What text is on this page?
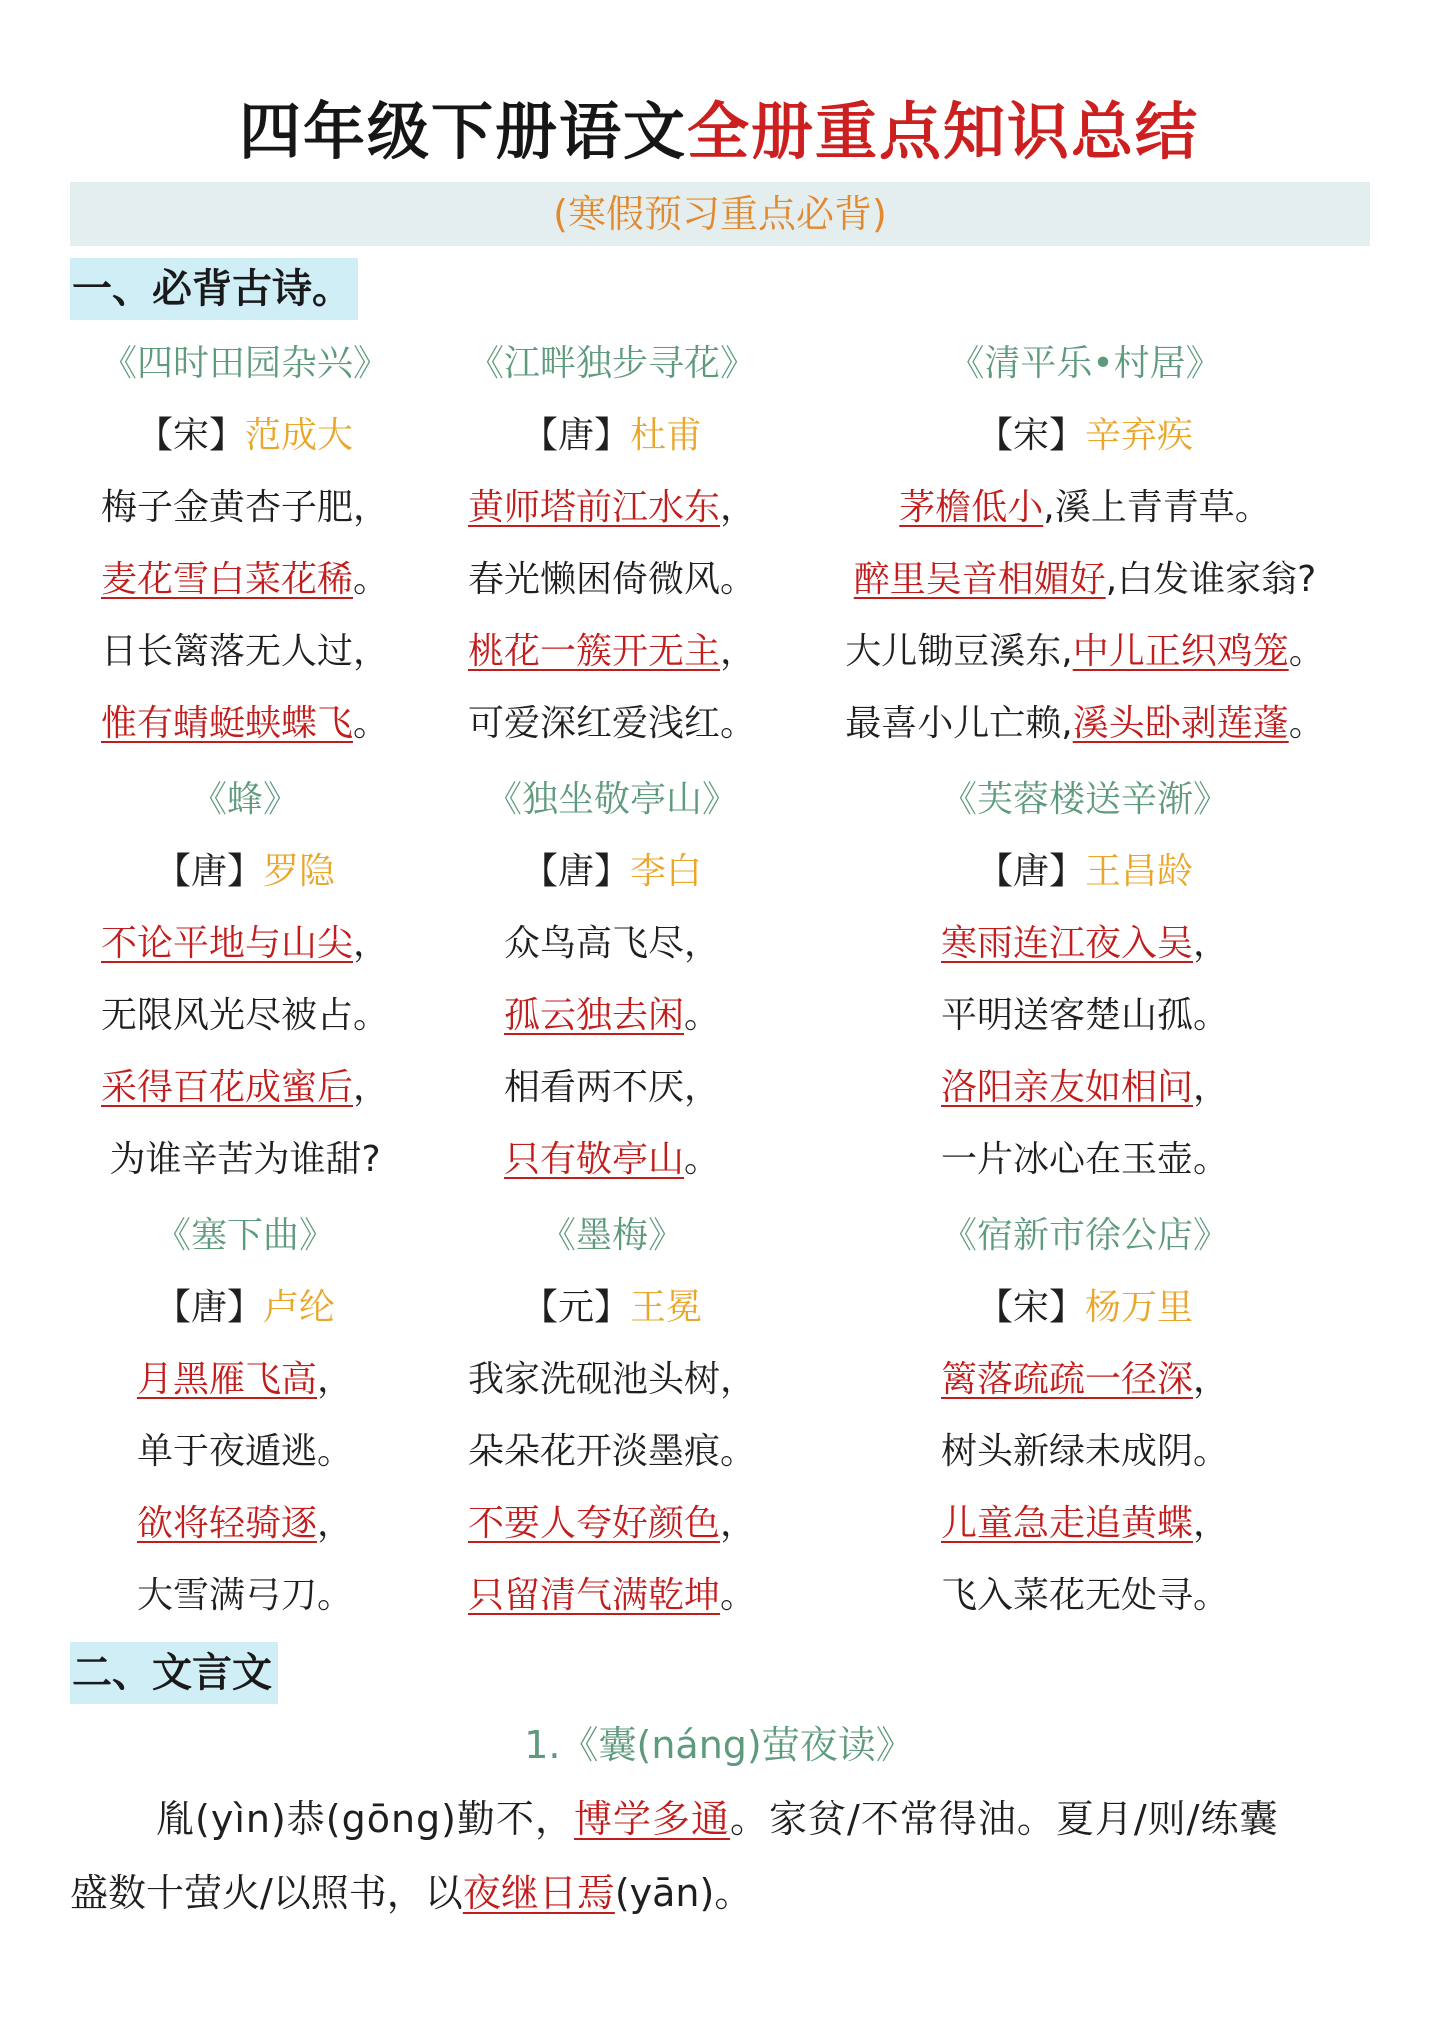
四年级下册语文全册重点知识总结
(寒假预习重点必背)
一、必背古诗。
《四时田园杂兴》
【宋】范成大
梅子金黄杏子肥，
麦花雪白菜花稀。
日长篱落无人过，
惟有蜻蜓蛱蝶飞。
《蜂》
【唐】罗隐
不论平地与山尖，
无限风光尽被占。
采得百花成蜜后，
为谁辛苦为谁甜?
《塞下曲》
【唐】卢纶
月黑雁飞高，
单于夜遁逃。
欲将轻骑逐，
大雪满弓刀。
《江畔独步寻花》
【唐】杜甫
黄师塔前江水东，
春光懒困倚微风。
桃花一簇开无主，
可爱深红爱浅红。
《独坐敬亭山》
【唐】李白
众鸟高飞尽，
孤云独去闲。
相看两不厌，
只有敬亭山。
《墨梅》
【元】王冕
我家洗砚池头树，
朵朵花开淡墨痕。
不要人夸好颜色，
只留清气满乾坤。
《清平乐•村居》
【宋】辛弃疾
茅檐低小,溪上青青草。
醉里吴音相媚好,白发谁家翁?
大儿锄豆溪东,中儿正织鸡笼。
最喜小儿亡赖,溪头卧剥莲蓬。
《芙蓉楼送辛渐》
【唐】王昌龄
寒雨连江夜入吴，
平明送客楚山孤。
洛阳亲友如相问，
一片冰心在玉壶。
《宿新市徐公店》
【宋】杨万里
篱落疏疏一径深，
树头新绿未成阴。
儿童急走追黄蝶，
飞入菜花无处寻。
二、文言文
1.《囊(náng)萤夜读》
胤(yìn)恭(gōng)勤不，博学多通。家贫/不常得油。夏月/则/练囊
盛数十萤火/以照书，以夜继日焉(yān)。
